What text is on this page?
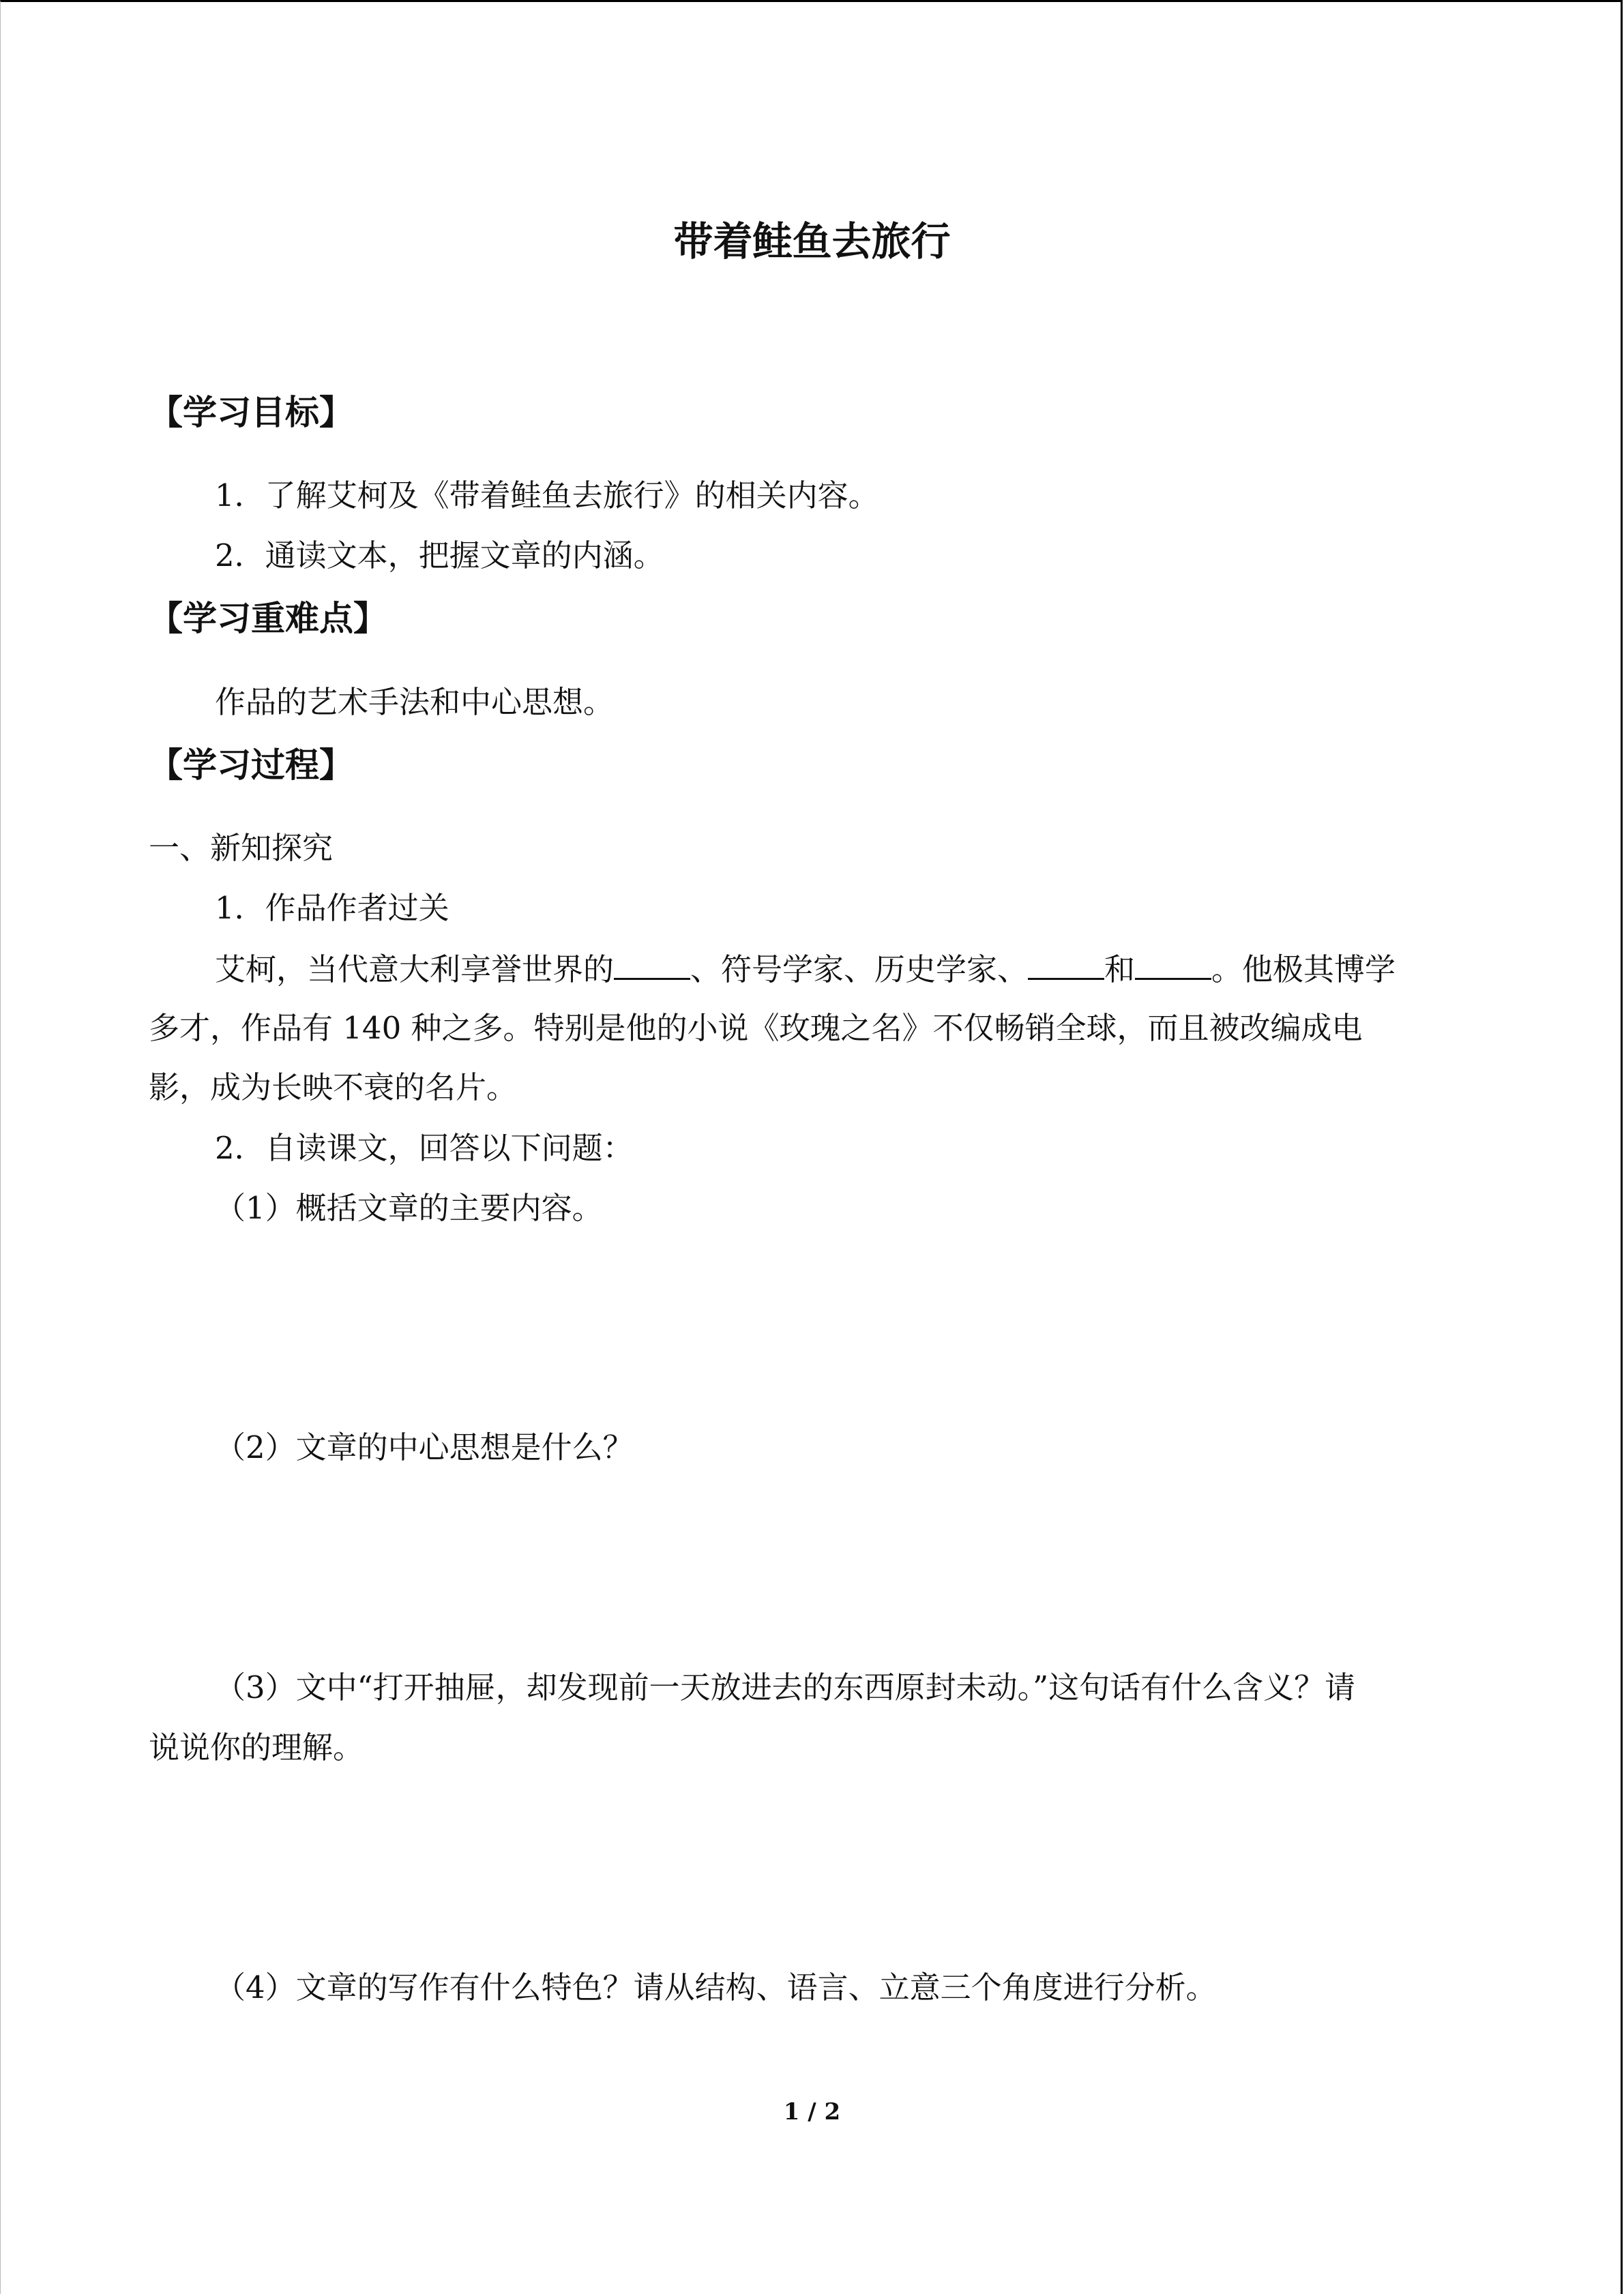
带着鲑鱼去旅行
【学习目标】
1．了解艾柯及《带着鲑鱼去旅行》的相关内容。
2．通读文本，把握文章的内涵。
【学习重难点】
作品的艺术手法和中心思想。
【学习过程】
一、新知探究
1．作品作者过关
艾柯，当代意大利享誉世界的 、符号学家、历史学家、 和 。他极其博学
多才，作品有 140 种之多。特别是他的小说《玫瑰之名》不仅畅销全球，而且被改编成电
影，成为长映不衰的名片。
2．自读课文，回答以下问题：
（1）概括文章的主要内容。
（2）文章的中心思想是什么？
（3）文中“打开抽屉，却发现前一天放进去的东西原封未动。”这句话有什么含义？请
说说你的理解。
（4）文章的写作有什么特色？请从结构、语言、立意三个角度进行分析。
1 / 2
